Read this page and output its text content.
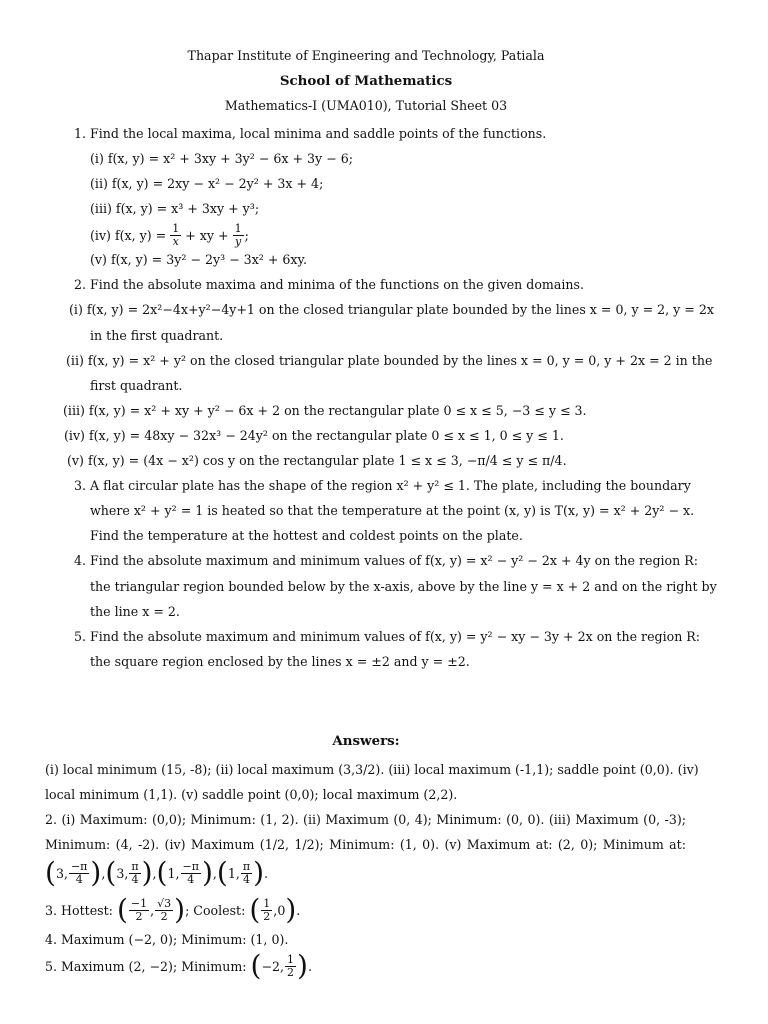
Thapar Institute of Engineering and Technology, Patiala
School of Mathematics
Mathematics-I (UMA010), Tutorial Sheet 03
1. Find the local maxima, local minima and saddle points of the functions.
(i) f(x, y) = x² + 3xy + 3y² − 6x + 3y − 6;
(ii) f(x, y) = 2xy − x² − 2y² + 3x + 4;
(iii) f(x, y) = x³ + 3xy + y³;
(iv) f(x, $y) = \frac{1}{x}$ + xy + $\frac{1}{y}$ ;
(v) f(x, y) = 3y² − 2y³ − 3x² + 6xy.
2. Find the absolute maxima and minima of the functions on the given domains.
(i) f(x, y) = 2x²−4x+y²−4y+1 on the closed triangular plate bounded by the lines x = 0, y = 2, y = 2x
in the first quadrant.
(ii) f(x, y) = x² + y² on the closed triangular plate bounded by the lines x = 0, y = 0, y + 2x = 2 in the
first quadrant.
(iii) f(x, y) = x² + xy + y² − 6x + 2 on the rectangular plate 0 ≤ x ≤ 5, −3 ≤ y ≤ 3.
(iv) f(x, y) = 48xy − 32x³ − 24y² on the rectangular plate 0 ≤ x ≤ 1, 0 ≤ y ≤ 1.
(v) f(x, y) = (4x − x²) cos y on the rectangular plate 1 ≤ x ≤ 3, −π/4 ≤ y ≤ π/4.
3. A flat circular plate has the shape of the region x² + y² ≤ 1. The plate, including the boundary
where x² + y² = 1 is heated so that the temperature at the point (x, y) is T(x, y) = x² + 2y² − x.
Find the temperature at the hottest and coldest points on the plate.
4. Find the absolute maximum and minimum values of f(x, y) = x² − y² − 2x + 4y on the region R:
the triangular region bounded below by the x-axis, above by the line y = x + 2 and on the right by
the line x = 2.
5. Find the absolute maximum and minimum values of f(x, y) = y² − xy − 3y + 2x on the region R:
the square region enclosed by the lines x = ±2 and y = ±2.
Answers:
(i) local minimum (15, -8); (ii) local maximum (3,3/2). (iii) local maximum (-1,1); saddle point (0,0). (iv)
local minimum (1,1). (v) saddle point (0,0); local maximum (2,2).
2. (i) Maximum: (0,0); Minimum: (1, 2). (ii) Maximum (0, 4); Minimum: (0, 0). (iii) Maximum (0, -3);
Minimum: (4, -2). (iv) Maximum (1/2, 1/2); Minimum: (1, 0). (v) Maximum at: (2, 0); Minimum at:
( 3 , $\frac{-\pi}{4}$ ) , ( 3 , $\frac{\pi}{4}$ ) , ( 1 , $\frac{-\pi}{4}$ ) , ( 1 , $\frac{\pi}{4}$ ) .
3. Hottest: ( $\frac{-1}{2}$ , $\frac{√3}{2}$ ) ; Coolest: ( $\frac{1}{2}$ , 0 ) .
4. Maximum (−2, 0); Minimum: (1, 0).
5. Maximum (2, −2); Minimum: ( −2 , $\frac{1}{2}$ ) .
